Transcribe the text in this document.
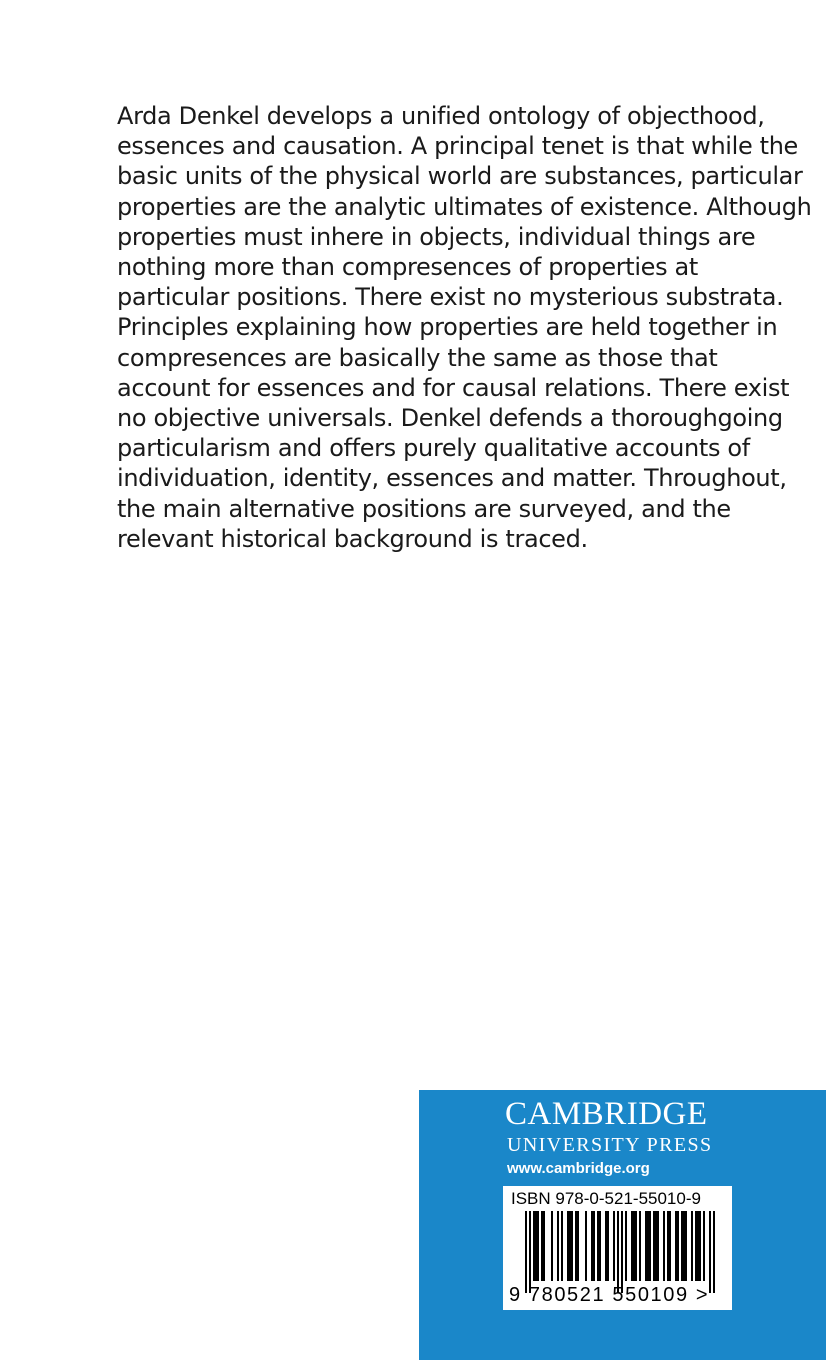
Arda Denkel develops a unified ontology of objecthood,
essences and causation. A principal tenet is that while the
basic units of the physical world are substances, particular
properties are the analytic ultimates of existence. Although
properties must inhere in objects, individual things are
nothing more than compresences of properties at
particular positions. There exist no mysterious substrata.
Principles explaining how properties are held together in
compresences are basically the same as those that
account for essences and for causal relations. There exist
no objective universals. Denkel defends a thoroughgoing
particularism and offers purely qualitative accounts of
individuation, identity, essences and matter. Throughout,
the main alternative positions are surveyed, and the
relevant historical background is traced.
CAMBRIDGE
UNIVERSITY PRESS
www.cambridge.org
ISBN 978-0-521-55010-9
9 780521 550109 >
